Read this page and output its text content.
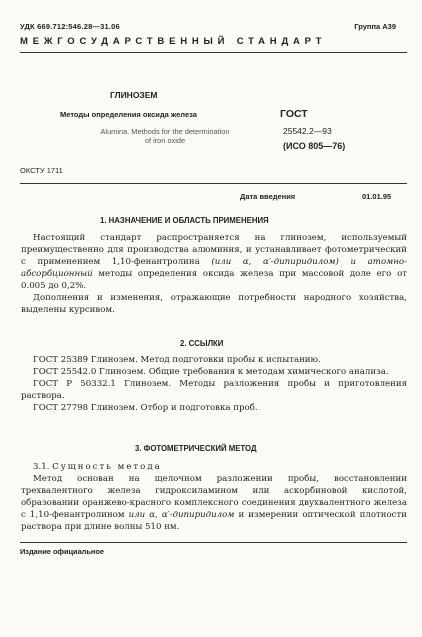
УДК 669.712:546.28—31.06	Группа А39
МЕЖГОСУДАРСТВЕННЫЙ СТАНДАРТ
ГЛИНОЗЕМ
Методы определения оксида железа
Alumina. Methods for the determination
of iron oxide
ГОСТ
25542.2—93
(ИСО 805—76)
ОКСТУ 1711
Дата введения	01.01.95
1. НАЗНАЧЕНИЕ И ОБЛАСТЬ ПРИМЕНЕНИЯ

Настоящий стандарт распространяется на глинозем, используемый преимущественно для производства алюминия, и устанавливает фотометрический с применением 1,10-фенантролина (или α, α′-дипиридилом) и атомно-абсорбционный методы определения оксида железа при массовой доле его от 0.005 до 0,2%.

Дополнения и изменения, отражающие потребности народного хозяйства, выделены курсивом.

2. ССЫЛКИ

ГОСТ 25389 Глинозем. Метод подготовки пробы к испытанию.

ГОСТ 25542.0 Глинозем. Общие требования к методам химического анализа.

ГОСТ Р 50332.1 Глинозем. Методы разложения пробы и приготовления раствора.

ГОСТ 27798 Глинозем. Отбор и подготовка проб.

3. ФОТОМЕТРИЧЕСКИЙ МЕТОД

3.1. Сущность метода

Метод основан на щелочном разложении пробы, восстановлении трехвалентного железа гидроксиламином или аскорбиновой кислотой, образовании оранжево-красного комплексного соединения двухвалентного железа с 1,10-фенантролином или α, α′-дипиридилом и измерении оптической плотности раствора при длине волны 510 нм.

Издание официальное
